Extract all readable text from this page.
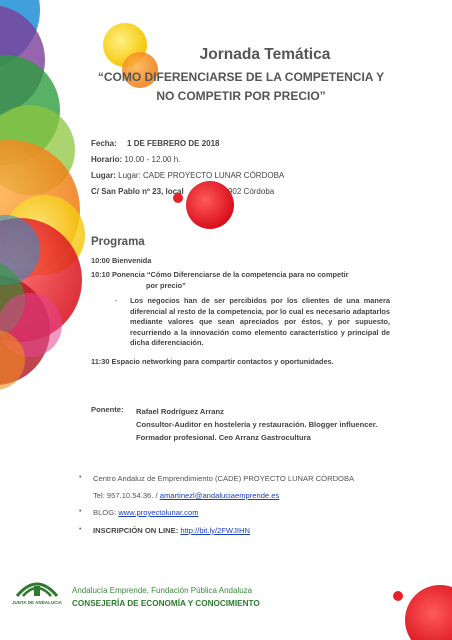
Jornada Temática
“COMO DIFERENCIARSE DE LA COMPETENCIA Y
NO COMPETIR POR PRECIO”
Fecha: 1 DE FEBRERO DE 2018
Horario: 10.00 - 12.00 h.
Lugar: Lugar: CADE PROYECTO LUNAR CÓRDOBA
C/ San Pablo nº 23, local	902 Córdoba
Programa
10:00 Bienvenida
10:10 Ponencia “Cómo Diferenciarse de la competencia para no competir
por precio”
- Los negocios han de ser percibidos por los clientes de una manera diferencial al resto de la competencia, por lo cual es necesario adaptarlos mediante valores que sean apreciados por éstos, y por supuesto, recurriendo a la innovación como elemento característico y principal de dicha diferenciación.
11:30 Espacio networking para compartir contactos y oportunidades.
Ponente: Rafael Rodríguez Arranz
Consultor-Auditor en hostelería y restauración. Blogger influencer. Formador profesional. Ceo Arranz Gastrocultura
• Centro Andaluz de Emprendimiento (CADE) PROYECTO LUNAR CÓRDOBA
Tel: 957.10.54.36. / amartinezl@andaluciaemprende.es
• BLOG: www.proyectolunar.com
• INSCRIPCIÓN ON LINE: http://bit.ly/2FWJIHN
JUNTA DE ANDALUCIA
Andalucía Emprende, Fundación Pública Andaluza
CONSEJERÍA DE ECONOMÍA Y CONOCIMIENTO
